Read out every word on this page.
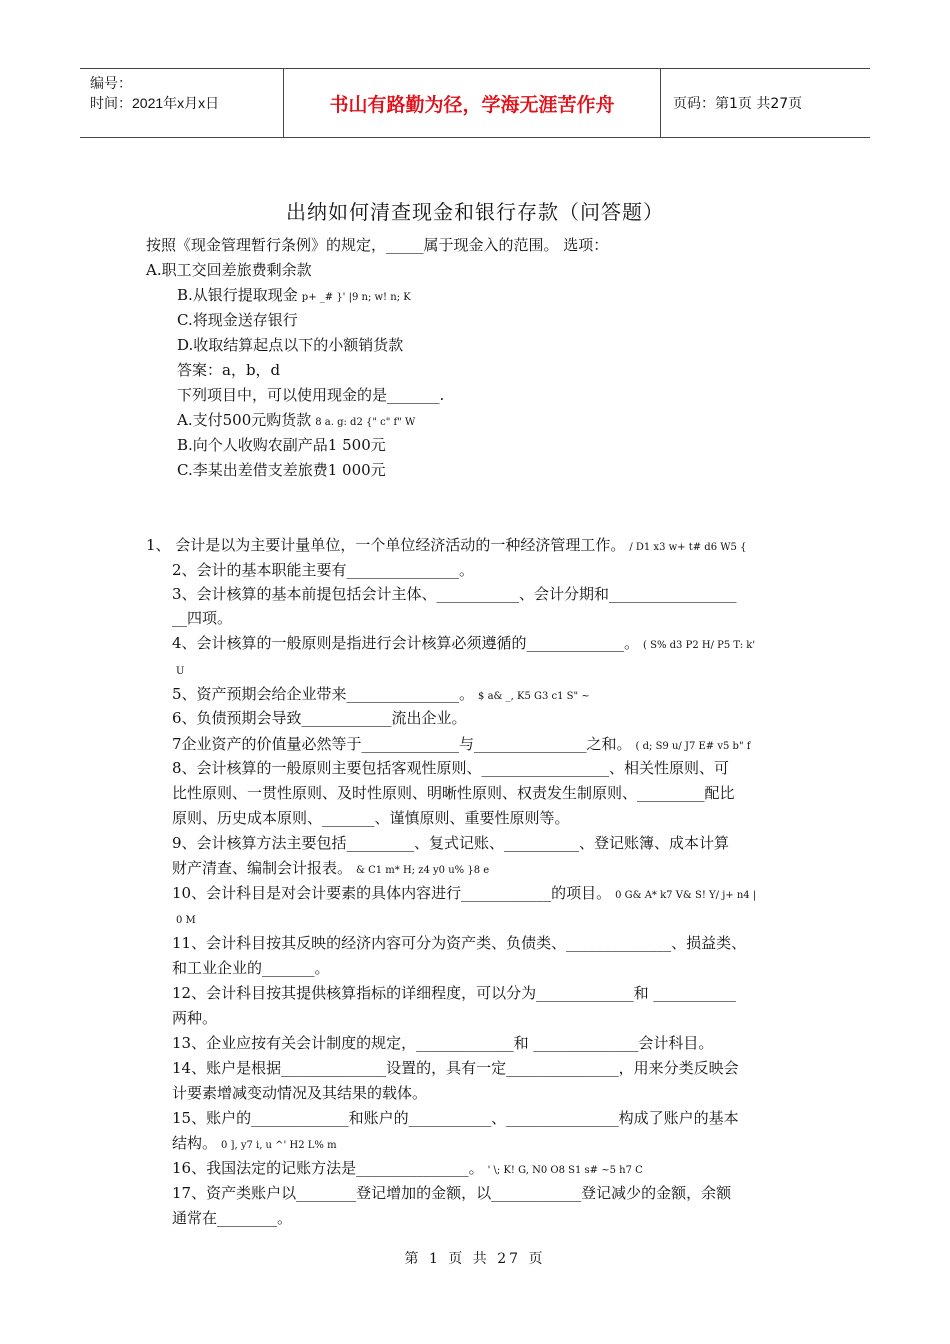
编号：
时间：2021年x月x日	书山有路勤为径，学海无涯苦作舟	页码：第1页 共27页
出纳如何清查现金和银行存款（问答题）
按照《现金管理暂行条例》的规定，_____属于现金入的范围。 选项：
A.职工交回差旅费剩余款
B.从银行提取现金 p+ _# }' |9 n; w! n; K
C.将现金送存银行
D.收取结算起点以下的小额销货款
答案：a，b，d
下列项目中，可以使用现金的是_______.
A.支付500元购货款 8 a. g: d2 {" c" f" W
B.向个人收购农副产品1 500元
C.李某出差借支差旅费1 000元
1、 会计是以为主要计量单位，一个单位经济活动的一种经济管理工作。 / D1 x3 w+ t# d6 W5 {
2、会计的基本职能主要有_______________。
3、会计核算的基本前提包括会计主体、___________、会计分期和_________________
__四项。
4、会计核算的一般原则是指进行会计核算必须遵循的_____________。 ( S% d3 P2 H/ P5 T: k'
U
5、资产预期会给企业带来_______________。 $ a& _, K5 G3 c1 S" ~
6、负债预期会导致____________流出企业。
7企业资产的价值量必然等于_____________与_______________之和。 ( d; S9 u/ J7 E# v5 b" f
8、会计核算的一般原则主要包括客观性原则、_________________、相关性原则、可
比性原则、一贯性原则、及时性原则、明晰性原则、权责发生制原则、_________配比
原则、历史成本原则、_______、谨慎原则、重要性原则等。
9、会计核算方法主要包括_________、复式记账、__________、登记账簿、成本计算
财产清查、编制会计报表。 & C1 m* H; z4 y0 u% }8 e
10、会计科目是对会计要素的具体内容进行____________的项目。 0 G& A* k7 V& S! Y/ j+ n4 |
0 M
11、会计科目按其反映的经济内容可分为资产类、负债类、______________、损益类、
和工业企业的_______。
12、会计科目按其提供核算指标的详细程度，可以分为_____________和 ___________
两种。
13、企业应按有关会计制度的规定，_____________和 ______________会计科目。
14、账户是根据______________设置的，具有一定_______________，用来分类反映会
计要素增减变动情况及其结果的载体。
15、账户的_____________和账户的___________、_______________构成了账户的基本
结构。 0 ], y7 i, u ^' H2 L% m
16、我国法定的记账方法是_______________。 ' \; K! G, N0 O8 S1 s# ~5 h7 C
17、资产类账户以________登记增加的金额，以____________登记减少的金额，余额
通常在________。
第 1 页 共 27 页
